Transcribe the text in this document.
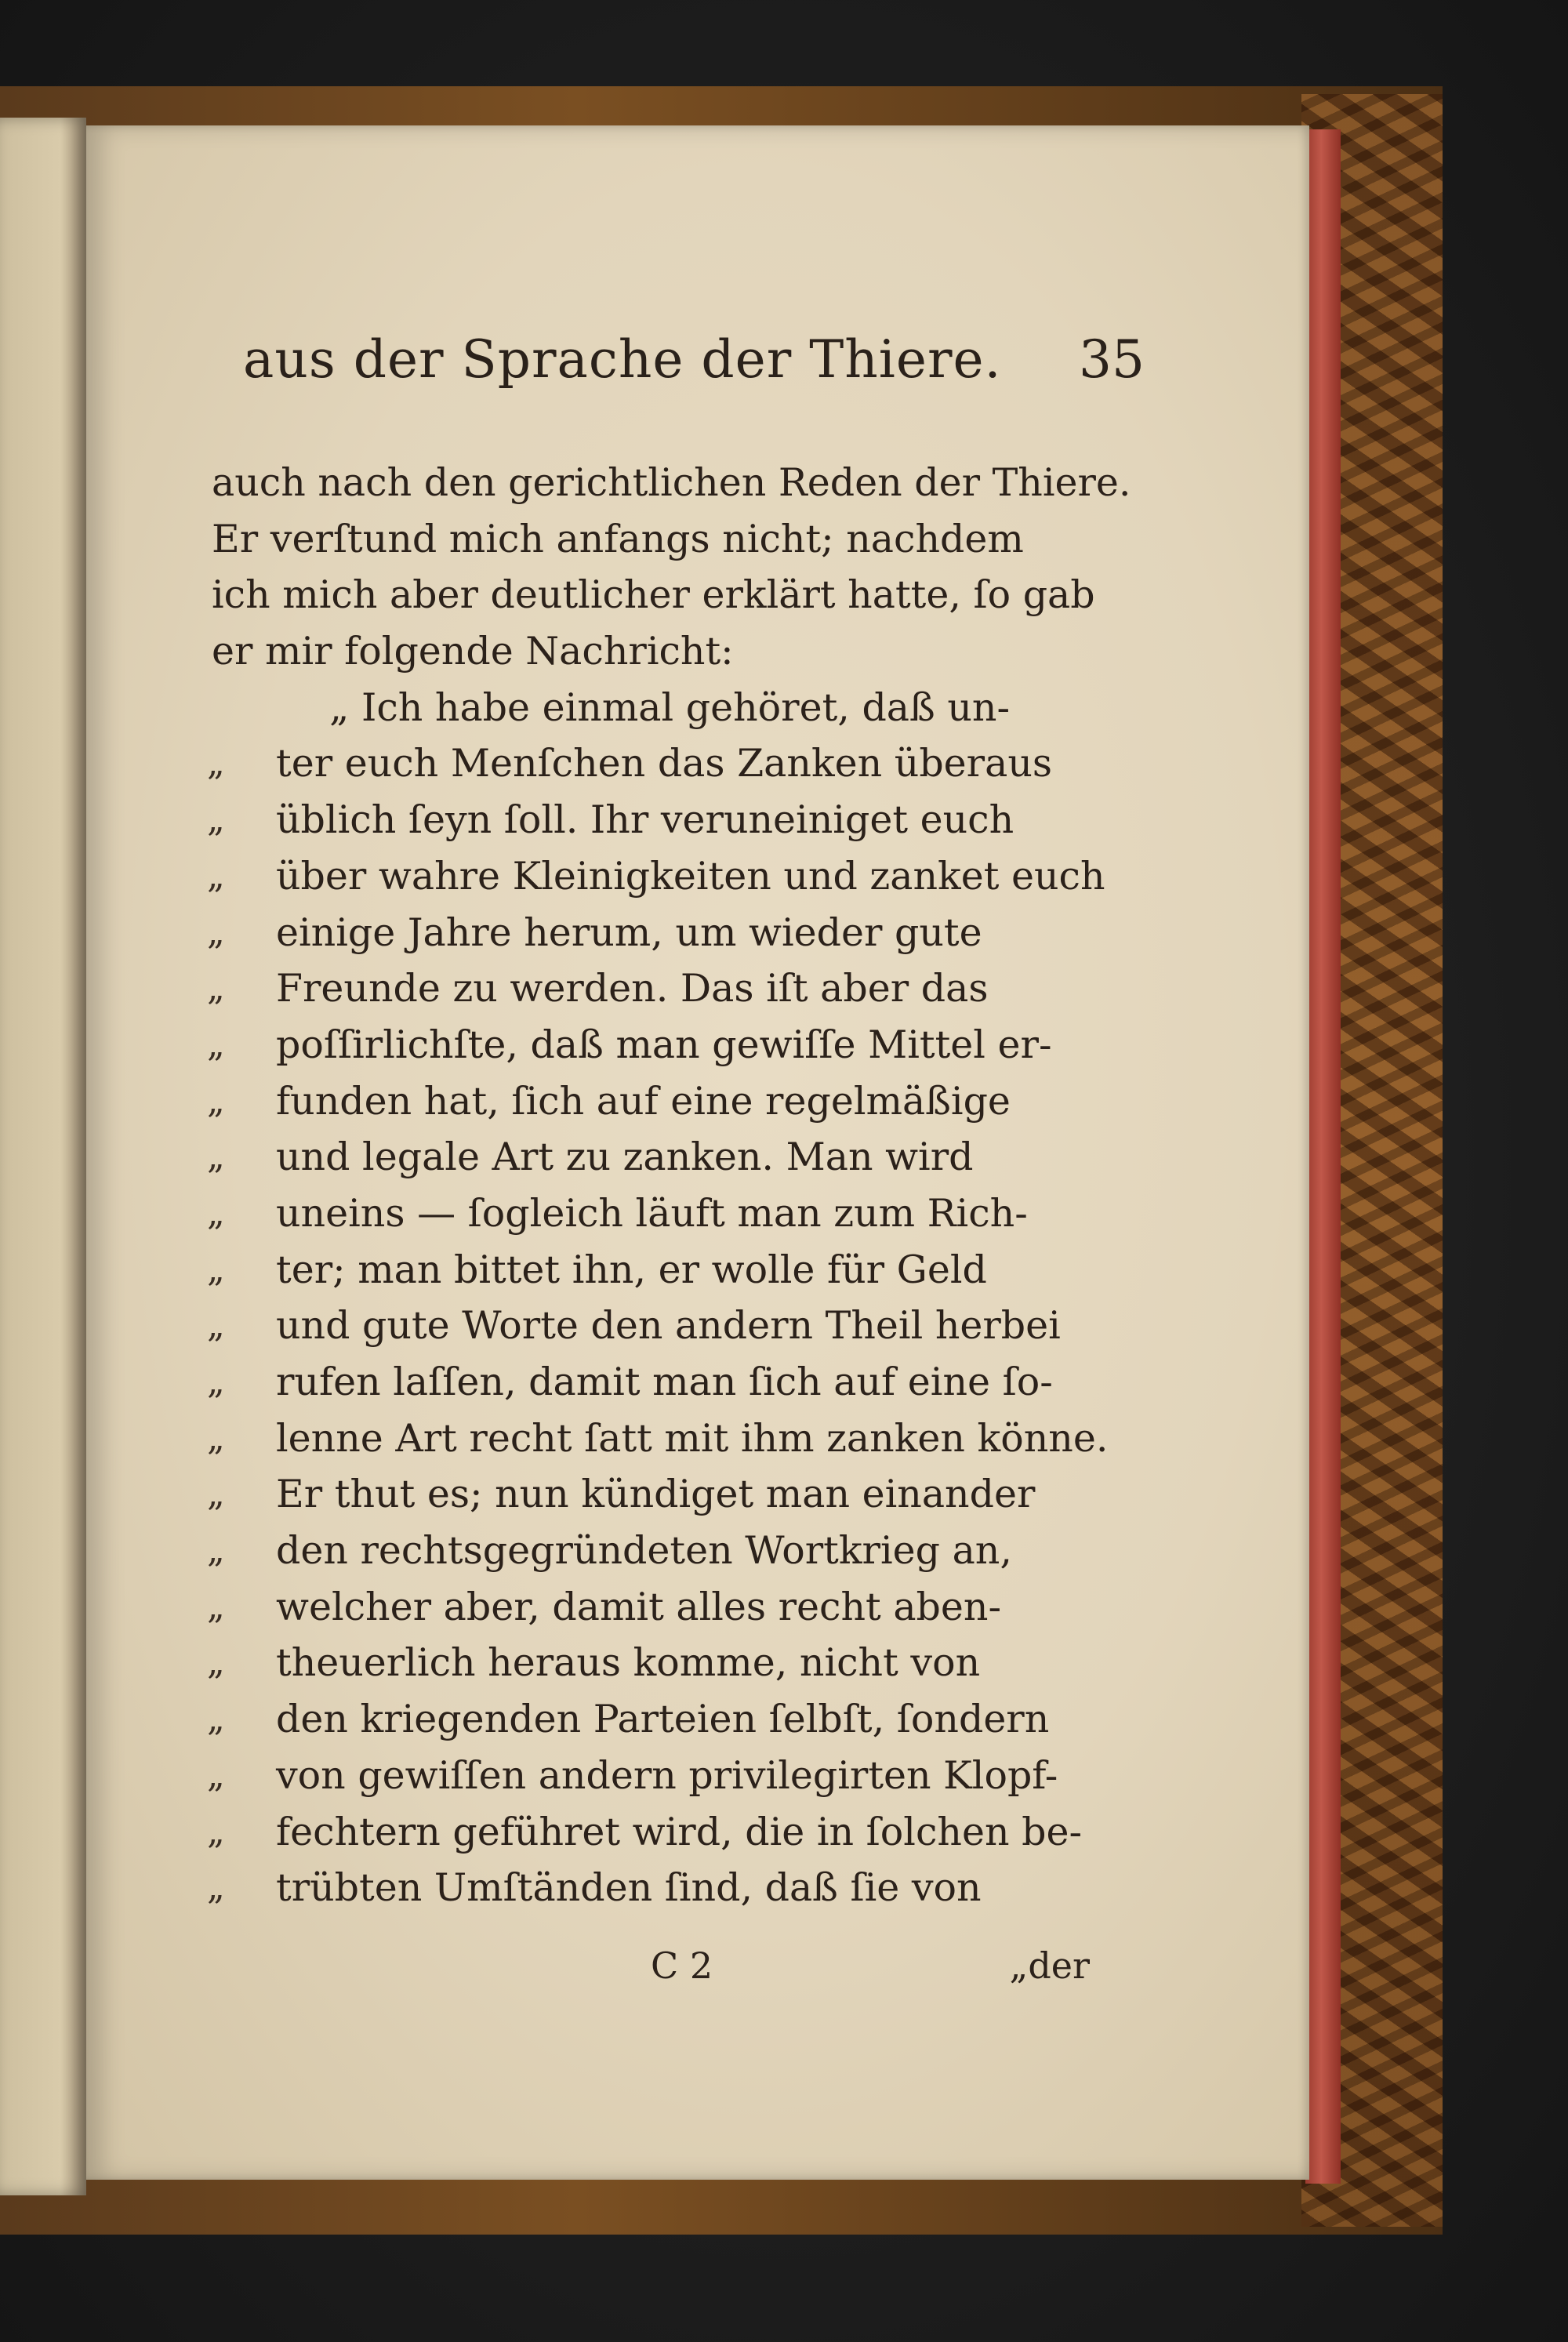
aus der Sprache der Thiere. 35
auch nach den gerichtlichen Reden der Thiere.
Er verſtund mich anfangs nicht; nachdem
ich mich aber deutlicher erklärt hatte, ſo gab
er mir folgende Nachricht:
„ Ich habe einmal gehöret, daß un-
„ ter euch Menſchen das Zanken überaus
„ üblich ſeyn ſoll. Ihr veruneiniget euch
„ über wahre Kleinigkeiten und zanket euch
„ einige Jahre herum, um wieder gute
„ Freunde zu werden. Das iſt aber das
„ poſſirlichſte, daß man gewiſſe Mittel er-
„ funden hat, ſich auf eine regelmäßige
„ und legale Art zu zanken. Man wird
„ uneins — ſogleich läuft man zum Rich-
„ ter; man bittet ihn, er wolle für Geld
„ und gute Worte den andern Theil herbei
„ rufen laſſen, damit man ſich auf eine ſo-
„ lenne Art recht ſatt mit ihm zanken könne.
„ Er thut es; nun kündiget man einander
„ den rechtsgegründeten Wortkrieg an,
„ welcher aber, damit alles recht aben-
„ theuerlich heraus komme, nicht von
„ den kriegenden Parteien ſelbſt, ſondern
„ von gewiſſen andern privilegirten Klopf-
„ fechtern geführet wird, die in ſolchen be-
„ trübten Umſtänden ſind, daß ſie von
C 2	„der
